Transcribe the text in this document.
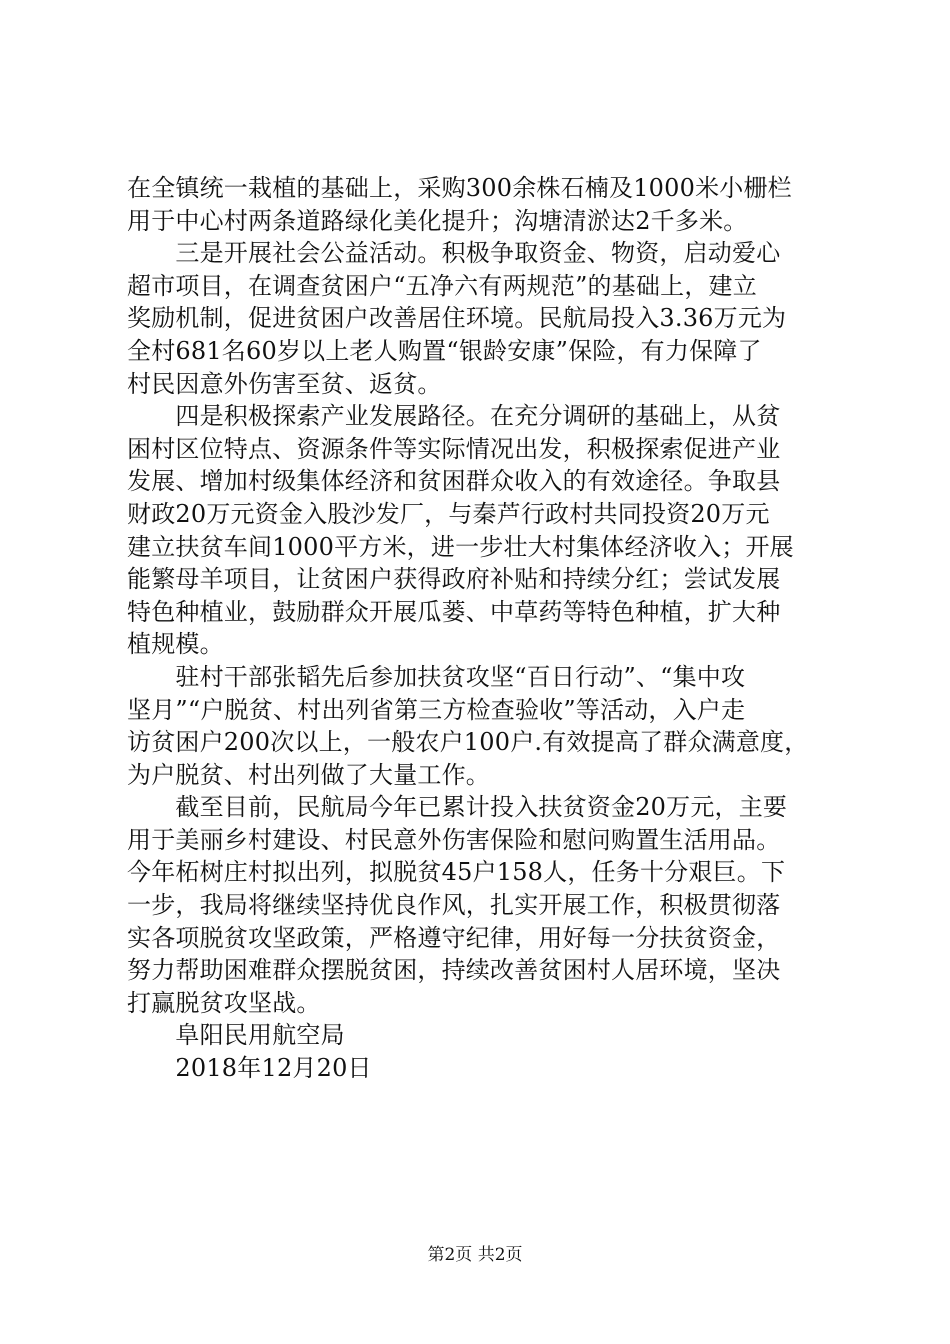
在全镇统一栽植的基础上，采购300余株石楠及1000米小栅栏
用于中心村两条道路绿化美化提升；沟塘清淤达2千多米。
　　三是开展社会公益活动。积极争取资金、物资，启动爱心
超市项目，在调查贫困户“五净六有两规范”的基础上，建立
奖励机制，促进贫困户改善居住环境。民航局投入3.36万元为
全村681名60岁以上老人购置“银龄安康”保险，有力保障了
村民因意外伤害至贫、返贫。
　　四是积极探索产业发展路径。在充分调研的基础上，从贫
困村区位特点、资源条件等实际情况出发，积极探索促进产业
发展、增加村级集体经济和贫困群众收入的有效途径。争取县
财政20万元资金入股沙发厂，与秦芦行政村共同投资20万元
建立扶贫车间1000平方米，进一步壮大村集体经济收入；开展
能繁母羊项目，让贫困户获得政府补贴和持续分红；尝试发展
特色种植业，鼓励群众开展瓜蒌、中草药等特色种植，扩大种
植规模。
　　驻村干部张韬先后参加扶贫攻坚“百日行动”、“集中攻
坚月”“户脱贫、村出列省第三方检查验收”等活动，入户走
访贫困户200次以上，一般农户100户.有效提高了群众满意度，
为户脱贫、村出列做了大量工作。
　　截至目前，民航局今年已累计投入扶贫资金20万元，主要
用于美丽乡村建设、村民意外伤害保险和慰问购置生活用品。
今年柘树庄村拟出列，拟脱贫45户158人，任务十分艰巨。下
一步，我局将继续坚持优良作风，扎实开展工作，积极贯彻落
实各项脱贫攻坚政策，严格遵守纪律，用好每一分扶贫资金，
努力帮助困难群众摆脱贫困，持续改善贫困村人居环境，坚决
打赢脱贫攻坚战。
　　阜阳民用航空局
　　2018年12月20日
第2页 共2页
